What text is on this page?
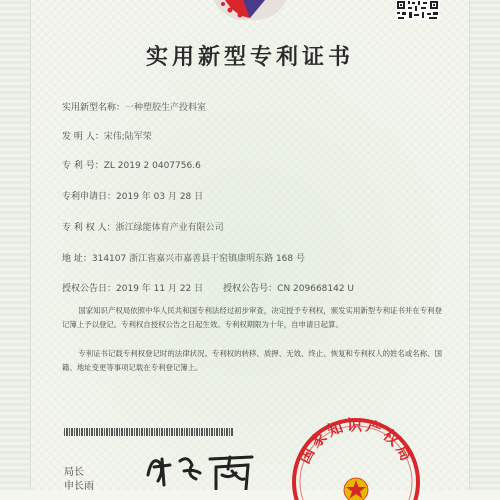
实用新型专利证书
实用新型名称：一种塑胶生产投料室
发 明 人：宋伟;陆军荣
专 利 号：ZL 2019 2 0407756.6
专利申请日：2019 年 03 月 28 日
专 利 权 人：浙江绿能体育产业有限公司
地 址：314107 浙江省嘉兴市嘉善县干窑镇康明东路 168 号
授权公告日：2019 年 11 月 22 日 授权公告号：CN 209668142 U
国家知识产权局依照中华人民共和国专利法经过初步审查，决定授予专利权，颁发实用新型专利证书并在专利登记簿上予以登记。专利权自授权公告之日起生效。专利权期限为十年，自申请日起算。
专利证书记载专利权登记时的法律状况。专利权的转移、质押、无效、终止、恢复和专利权人的姓名或名称、国籍、地址变更等事项记载在专利登记簿上。
局长
申长雨
国家知识产权局
